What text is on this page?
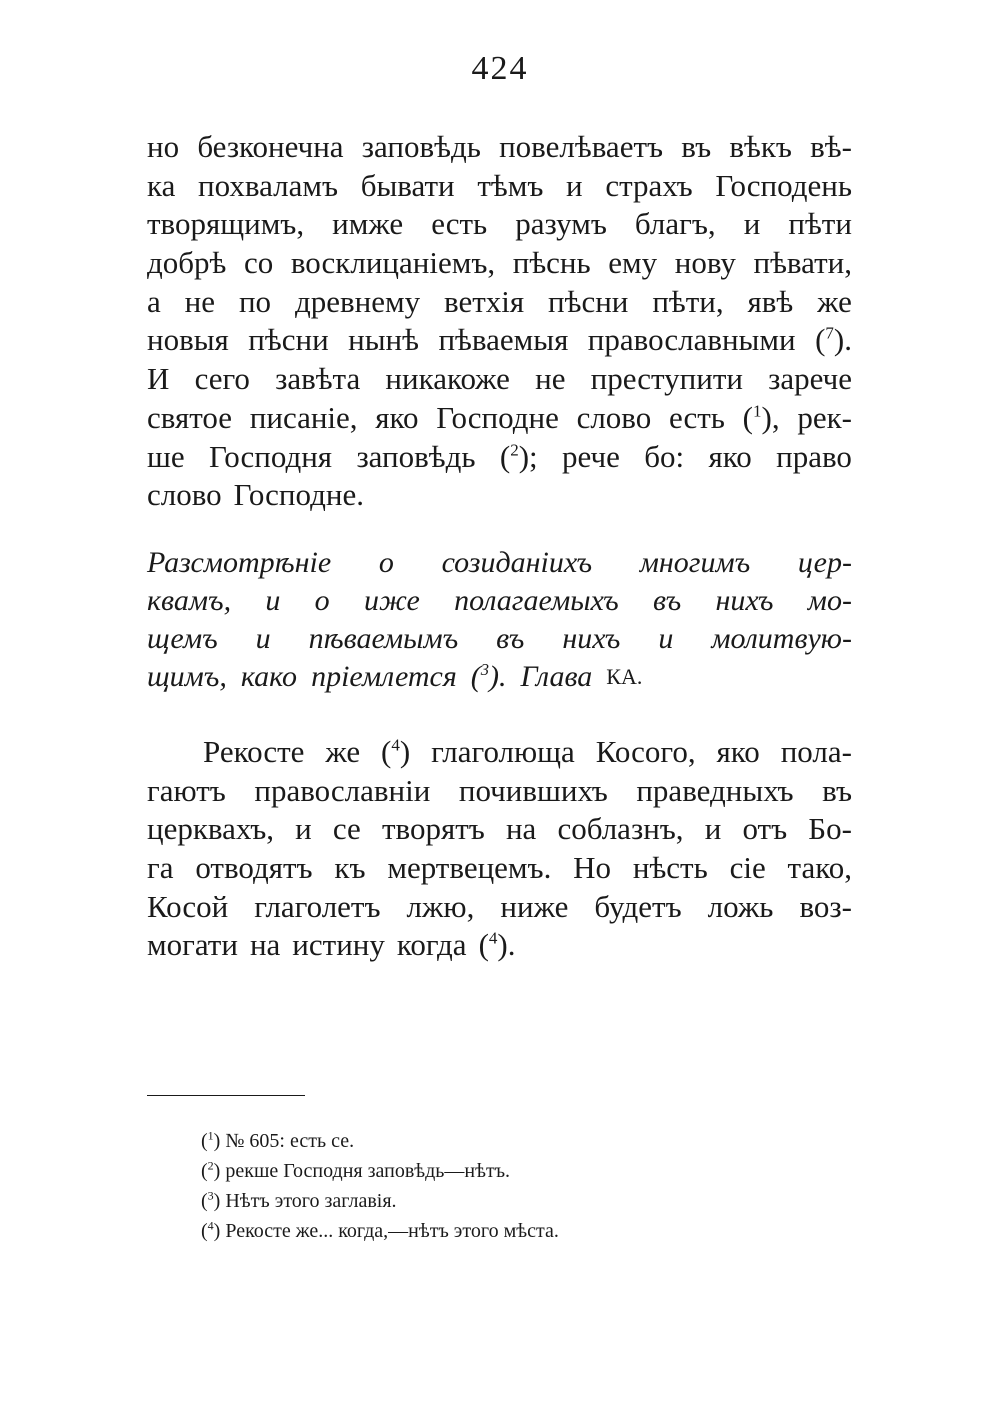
424
но безконечна заповѣдь повелѣваетъ въ вѣкъ вѣ-
ка похваламъ бывати тѣмъ и страхъ Господень
творящимъ, имже есть разумъ благъ, и пѣти
добрѣ со восклицаніемъ, пѣснь ему нову пѣвати,
а не по древнему ветхія пѣсни пѣти, явѣ же
новыя пѣсни нынѣ пѣваемыя православными ($^7$).
И сего завѣта никакоже не преступити зарече
святое писаніе, яко Господне слово есть ($^1$), рек-
ше Господня заповѣдь ($^2$); рече бо: яко право
слово Господне.
Разсмотрѣніе о созиданіихъ многимъ цер-
квамъ, и о иже полагаемыхъ въ нихъ мо-
щемъ и пѣваемымъ въ нихъ и молитвую-
щимъ, како пріемлется ($^3$). Глава КА.
Рекосте же ($^4$) глаголюща Косого, яко пола-
гаютъ православніи почившихъ праведныхъ въ
церквахъ, и се творятъ на соблазнъ, и отъ Бо-
га отводятъ къ мертвецемъ. Но нѣсть сіе тако,
Косой глаголетъ лжю, ниже будетъ ложь воз-
могати на истину когда ($^4$).
($^1$) № 605: есть се.
($^2$) рекше Господня заповѣдь—нѣтъ.
($^3$) Нѣтъ этого заглавія.
($^4$) Рекосте же... когда,—нѣтъ этого мѣста.
